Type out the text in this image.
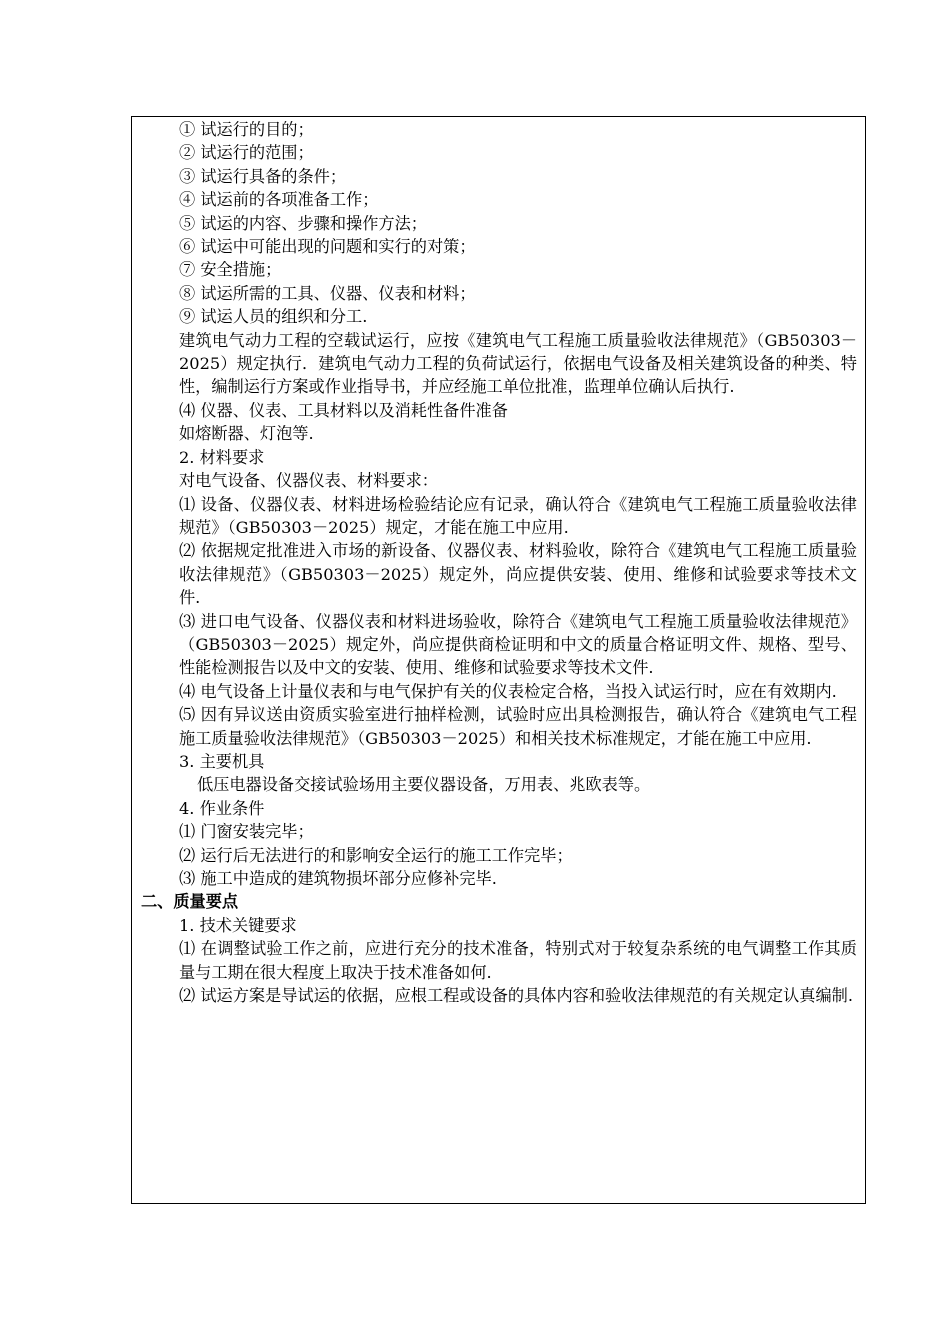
① 试运行的目的；

② 试运行的范围；

③ 试运行具备的条件；

④ 试运前的各项准备工作；

⑤ 试运的内容、步骤和操作方法；

⑥ 试运中可能出现的问题和实行的对策；

⑦ 安全措施；

⑧ 试运所需的工具、仪器、仪表和材料；

⑨ 试运人员的组织和分工.

建筑电气动力工程的空载试运行，应按《建筑电气工程施工质量验收法律规范》（GB50303－2025）规定执行．建筑电气动力工程的负荷试运行，依据电气设备及相关建筑设备的种类、特性，编制运行方案或作业指导书，并应经施工单位批准，监理单位确认后执行.

⑷ 仪器、仪表、工具材料以及消耗性备件准备

如熔断器、灯泡等.

2. 材料要求

对电气设备、仪器仪表、材料要求：

⑴ 设备、仪器仪表、材料进场检验结论应有记录，确认符合《建筑电气工程施工质量验收法律规范》（GB50303－2025）规定，才能在施工中应用.

⑵ 依据规定批准进入市场的新设备、仪器仪表、材料验收，除符合《建筑电气工程施工质量验收法律规范》（GB50303－2025）规定外，尚应提供安装、使用、维修和试验要求等技术文件.

⑶ 进口电气设备、仪器仪表和材料进场验收，除符合《建筑电气工程施工质量验收法律规范》（GB50303－2025）规定外，尚应提供商检证明和中文的质量合格证明文件、规格、型号、性能检测报告以及中文的安装、使用、维修和试验要求等技术文件.

⑷ 电气设备上计量仪表和与电气保护有关的仪表检定合格，当投入试运行时，应在有效期内.

⑸ 因有异议送由资质实验室进行抽样检测，试验时应出具检测报告，确认符合《建筑电气工程施工质量验收法律规范》（GB50303－2025）和相关技术标准规定，才能在施工中应用.

3. 主要机具

低压电器设备交接试验场用主要仪器设备，万用表、兆欧表等。

4. 作业条件

⑴ 门窗安装完毕；

⑵ 运行后无法进行的和影响安全运行的施工工作完毕；

⑶ 施工中造成的建筑物损坏部分应修补完毕.

二、质量要点

1. 技术关键要求

⑴ 在调整试验工作之前，应进行充分的技术准备，特别式对于较复杂系统的电气调整工作其质量与工期在很大程度上取决于技术准备如何.

⑵ 试运方案是导试运的依据，应根工程或设备的具体内容和验收法律规范的有关规定认真编制.
